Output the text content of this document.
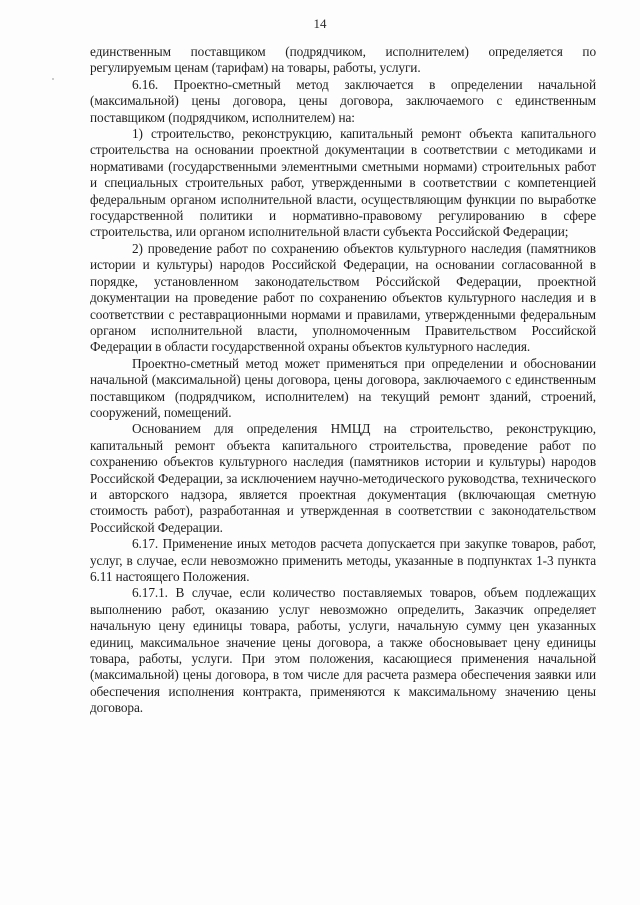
14

единственным поставщиком (подрядчиком, исполнителем) определяется по регулируемым ценам (тарифам) на товары, работы, услуги.

6.16. Проектно-сметный метод заключается в определении начальной (максимальной) цены договора, цены договора, заключаемого с единственным поставщиком (подрядчиком, исполнителем) на:

1) строительство, реконструкцию, капитальный ремонт объекта капитального строительства на основании проектной документации в соответствии с методиками и нормативами (государственными элементными сметными нормами) строительных работ и специальных строительных работ, утвержденными в соответствии с компетенцией федеральным органом исполнительной власти, осуществляющим функции по выработке государственной политики и нормативно-правовому регулированию в сфере строительства, или органом исполнительной власти субъекта Российской Федерации;

2) проведение работ по сохранению объектов культурного наследия (памятников истории и культуры) народов Российской Федерации, на основании согласованной в порядке, установленном законодательством Российской Федерации, проектной документации на проведение работ по сохранению объектов культурного наследия и в соответствии с реставрационными нормами и правилами, утвержденными федеральным органом исполнительной власти, уполномоченным Правительством Российской Федерации в области государственной охраны объектов культурного наследия.

Проектно-сметный метод может применяться при определении и обосновании начальной (максимальной) цены договора, цены договора, заключаемого с единственным поставщиком (подрядчиком, исполнителем) на текущий ремонт зданий, строений, сооружений, помещений.

Основанием для определения НМЦД на строительство, реконструкцию, капитальный ремонт объекта капитального строительства, проведение работ по сохранению объектов культурного наследия (памятников истории и культуры) народов Российской Федерации, за исключением научно-методического руководства, технического и авторского надзора, является проектная документация (включающая сметную стоимость работ), разработанная и утвержденная в соответствии с законодательством Российской Федерации.

6.17. Применение иных методов расчета допускается при закупке товаров, работ, услуг, в случае, если невозможно применить методы, указанные в подпунктах 1-3 пункта 6.11 настоящего Положения.

6.17.1. В случае, если количество поставляемых товаров, объем подлежащих выполнению работ, оказанию услуг невозможно определить, Заказчик определяет начальную цену единицы товара, работы, услуги, начальную сумму цен указанных единиц, максимальное значение цены договора, а также обосновывает цену единицы товара, работы, услуги. При этом положения, касающиеся применения начальной (максимальной) цены договора, в том числе для расчета размера обеспечения заявки или обеспечения исполнения контракта, применяются к максимальному значению цены договора.
